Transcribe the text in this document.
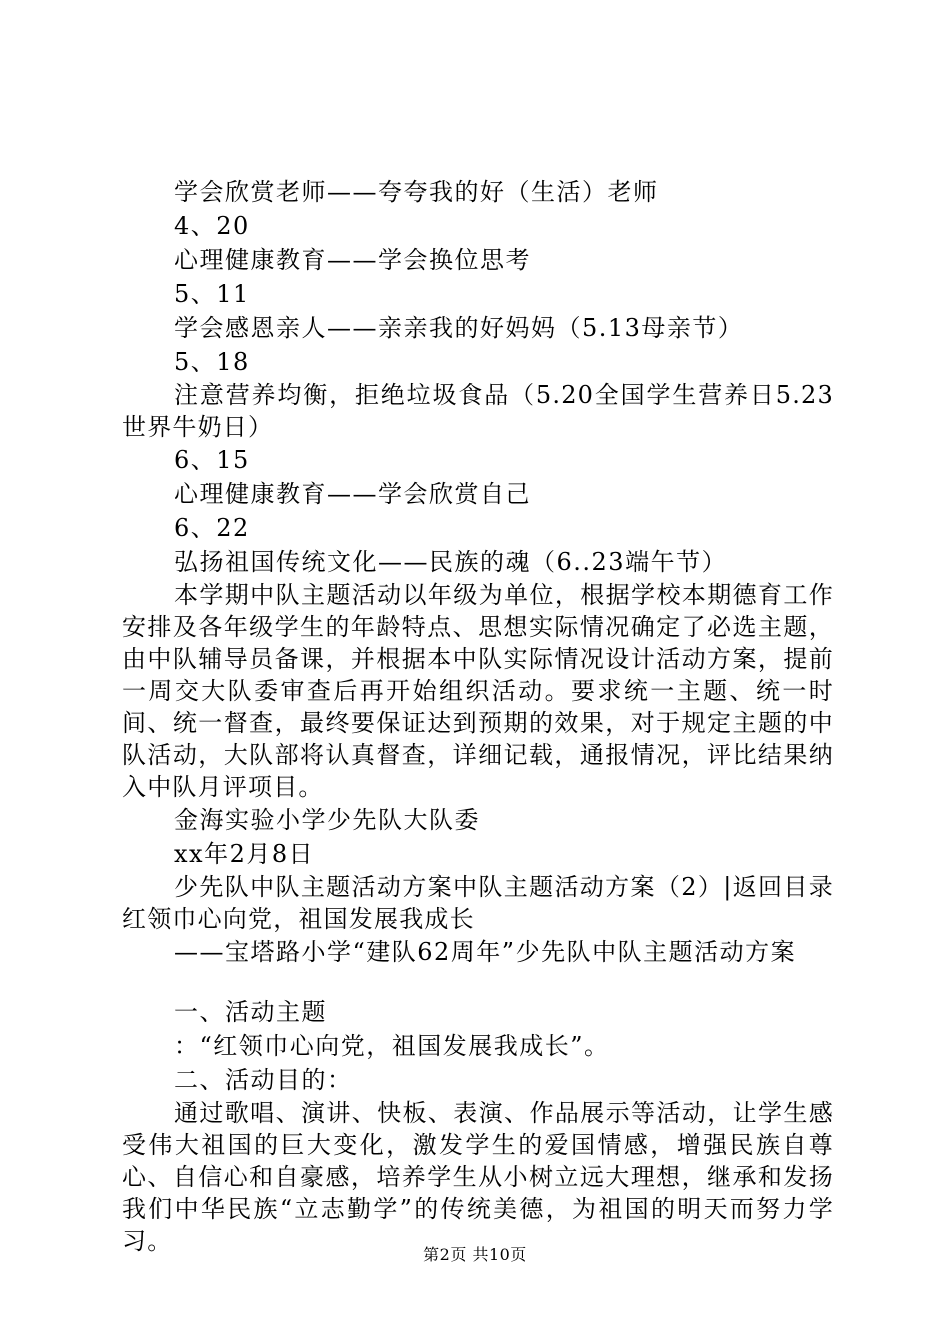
学会欣赏老师——夸夸我的好（生活）老师
4、20
心理健康教育——学会换位思考
5、11
学会感恩亲人——亲亲我的好妈妈（5.13母亲节）
5、18
注意营养均衡，拒绝垃圾食品（5.20全国学生营养日5.23世界牛奶日）
6、15
心理健康教育——学会欣赏自己
6、22
弘扬祖国传统文化——民族的魂（6..23端午节）
本学期中队主题活动以年级为单位，根据学校本期德育工作安排及各年级学生的年龄特点、思想实际情况确定了必选主题，由中队辅导员备课，并根据本中队实际情况设计活动方案，提前一周交大队委审查后再开始组织活动。要求统一主题、统一时间、统一督查，最终要保证达到预期的效果，对于规定主题的中队活动，大队部将认真督查，详细记载，通报情况，评比结果纳入中队月评项目。
金海实验小学少先队大队委
xx年2月8日
少先队中队主题活动方案中队主题活动方案（2）|返回目录红领巾心向党，祖国发展我成长
——宝塔路小学“建队62周年”少先队中队主题活动方案
一、活动主题
：“红领巾心向党，祖国发展我成长”。
二、活动目的：
通过歌唱、演讲、快板、表演、作品展示等活动，让学生感受伟大祖国的巨大变化，激发学生的爱国情感，增强民族自尊心、自信心和自豪感，培养学生从小树立远大理想，继承和发扬我们中华民族“立志勤学”的传统美德，为祖国的明天而努力学习。	第2页 共10页
